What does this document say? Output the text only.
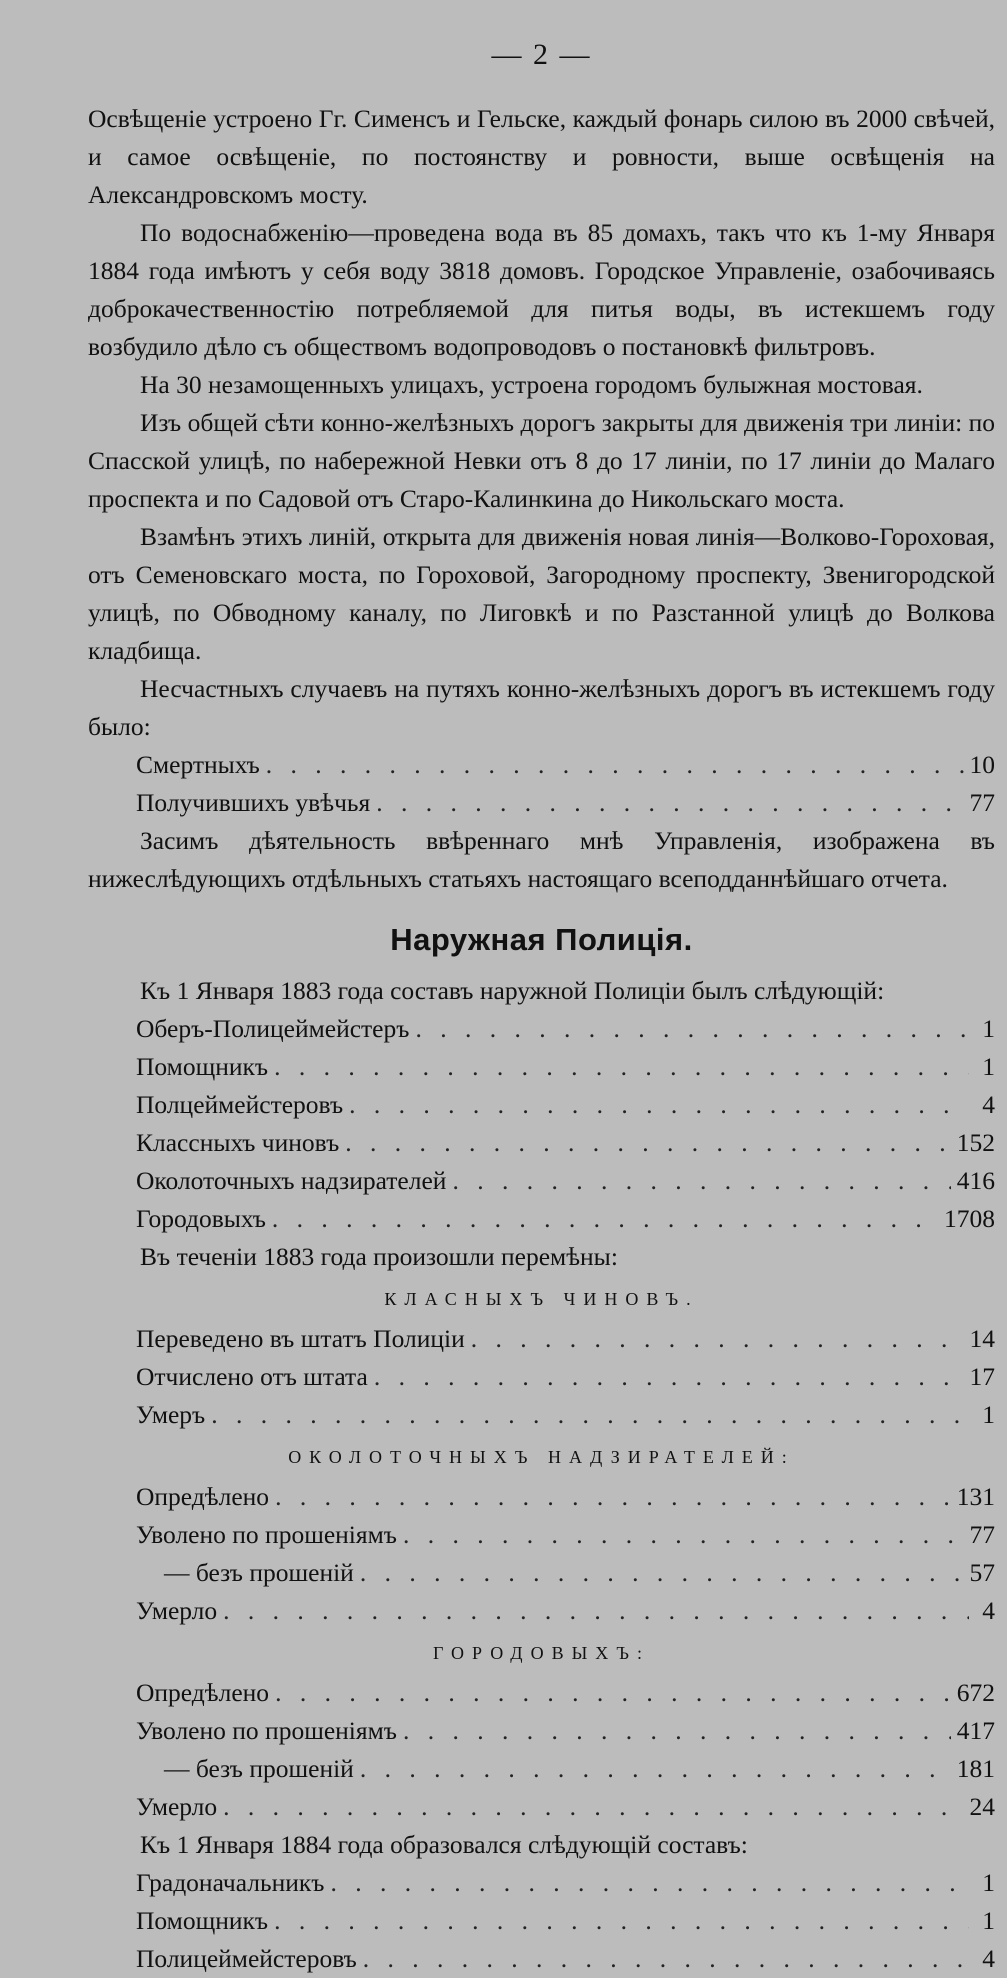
— 2 —

Освѣщеніе устроено Гг. Сименсъ и Гельске, каждый фонарь силою въ 2000 свѣчей, и самое освѣщеніе, по постоянству и ровности, выше освѣщенія на Александровскомъ мосту.

По водоснабженію—проведена вода въ 85 домахъ, такъ что къ 1-му Января 1884 года имѣютъ у себя воду 3818 домовъ. Городское Управленіе, озабочиваясь доброкачественностію потребляемой для питья воды, въ истекшемъ году возбудило дѣло съ обществомъ водопроводовъ о постановкѣ фильтровъ.

На 30 незамощенныхъ улицахъ, устроена городомъ булыжная мостовая.

Изъ общей сѣти конно-желѣзныхъ дорогъ закрыты для движенія три линіи: по Спасской улицѣ, по набережной Невки отъ 8 до 17 линіи, по 17 линіи до Малаго проспекта и по Садовой отъ Старо-Калинкина до Никольскаго моста.

Взамѣнъ этихъ линій, открыта для движенія новая линія—Волково-Гороховая, отъ Семеновскаго моста, по Гороховой, Загородному проспекту, Звенигородской улицѣ, по Обводному каналу, по Лиговкѣ и по Разстанной улицѣ до Волкова кладбища.

Несчастныхъ случаевъ на путяхъ конно-желѣзныхъ дорогъ въ истекшемъ году было:

Смертныхъ . . .	10
Получившихъ увѣчья . . .	77

Засимъ дѣятельность ввѣреннаго мнѣ Управленія, изображена въ нижеслѣдующихъ отдѣльныхъ статьяхъ настоящаго всеподданнѣйшаго отчета.

Наружная Полиція.

Къ 1 Января 1883 года составъ наружной Полиціи былъ слѣдующій:

Оберъ-Полицеймейстеръ . . .	1
Помощникъ . . .	1
Полцеймейстеровъ . . .	4
Классныхъ чиновъ . . .	152
Околоточныхъ надзирателей . . .	416
Городовыхъ . . .	1708

Въ теченіи 1883 года произошли перемѣны:

КЛАСНЫХЪ ЧИНОВЪ.
Переведено въ штатъ Полиціи . . .	14
Отчислено отъ штата . . .	17
Умеръ . . .	1
ОКОЛОТОЧНЫХЪ НАДЗИРАТЕЛЕЙ:
Опредѣлено . . .	131
Уволено по прошеніямъ . . .	77
— безъ прошеній . . .	57
Умерло . . .	4
ГОРОДОВЫХЪ:
Опредѣлено . . .	672
Уволено по прошеніямъ . . .	417
— безъ прошеній . . .	181
Умерло . . .	24

Къ 1 Января 1884 года образовался слѣдующій составъ:

Градоначальникъ . . .	1
Помощникъ . . .	1
Полицеймейстеровъ . . .	4
